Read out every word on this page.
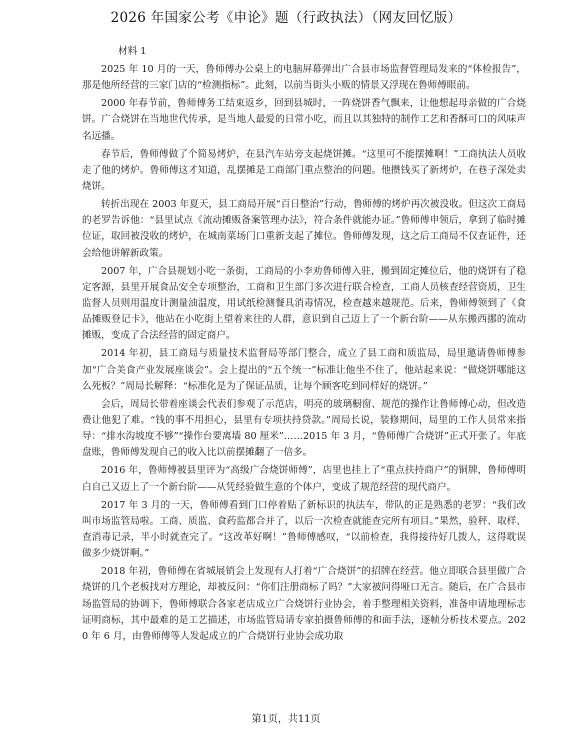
2026 年国家公考《申论》题（行政执法）（网友回忆版）
材料 1

2025 年 10 月的一天，鲁师傅办公桌上的电脑屏幕弹出广合县市场监督管理局发来的“体检报告”，那是他所经营的三家门店的“检测指标”。此刻，以前当街头小贩的情景又浮现在鲁师傅眼前。

2000 年春节前，鲁师傅务工结束返乡，回到县城时，一阵烧饼香气飘来，让他想起母亲做的广合烧饼。广合烧饼在当地世代传承，是当地人最爱的日常小吃，而且以其独特的制作工艺和香酥可口的风味声名远播。

春节后，鲁师傅做了个简易烤炉，在县汽车站旁支起烧饼摊。“这里可不能摆摊啊！”工商执法人员收走了他的烤炉。鲁师傅这才知道，乱摆摊是工商部门重点整治的问题。他攒钱买了新烤炉，在巷子深处卖烧饼。

转折出现在 2003 年夏天，县工商局开展“百日整治”行动，鲁师傅的烤炉再次被没收。但这次工商局的老罗告诉他：“县里试点《流动摊贩备案管理办法》，符合条件就能办证。”鲁师傅申领后，拿到了临时摊位证，取回被没收的烤炉，在城南菜场门口重新支起了摊位。鲁师傅发现，这之后工商局不仅查证件，还会给他讲解新政策。

2007 年，广合县规划小吃一条街，工商局的小李劝鲁师傅入驻，搬到固定摊位后，他的烧饼有了稳定客源，县里开展食品安全专项整治，工商和卫生部门多次进行联合检查，工商人员核查经营资质，卫生监督人员则用温度计测量油温度，用试纸检测餐具消毒情况，检查越来越规范。后来，鲁师傅领到了《食品摊贩登记卡》，他站在小吃街上望着来往的人群，意识到自己迈上了一个新台阶——从东搬西挪的流动摊贩，变成了合法经营的固定商户。

2014 年初，县工商局与质量技术监督局等部门整合，成立了县工商和质监局，局里邀请鲁师傅参加“广合美食产业发展座谈会”。会上提出的“五个统一”标准让他坐不住了，他站起来说：“做烧饼哪能这么死板？”周局长解释：“标准化是为了保证品质，让每个顾客吃到同样好的烧饼。”

会后，周局长带着座谈会代表们参观了示范店，明亮的玻璃橱窗、规范的操作让鲁师傅心动，但改造费让他犯了难。“钱的事不用担心，县里有专项扶持贷款。”周局长说，装修期间，局里的工作人员常来指导：“排水沟坡度不够”“操作台要离墙 80 厘米”……2015 年 3 月，“鲁师傅广合烧饼”正式开张了。年底盘账，鲁师傅发现自己的收入比以前摆摊翻了一倍多。

2016 年，鲁师傅被县里评为“高级广合烧饼师傅”，店里也挂上了“重点扶持商户”的铜牌，鲁师傅明白自己又迈上了一个新台阶——从凭经验做生意的个体户，变成了规范经营的现代商户。

2017 年 3 月的一天，鲁师傅看到门口停着贴了新标识的执法车，带队的正是熟悉的老罗：“我们改叫市场监管局啦。工商、质监、食药监都合并了，以后一次检查就能查完所有项目。”果然，验秤、取样、查消毒记录，半小时就查完了。“这改革好啊！”鲁师傅感叹，“以前检查，我得接待好几拨人，这得耽误做多少烧饼啊。”

2018 年初，鲁师傅在省城展销会上发现有人打着“广合烧饼”的招牌在经营。他立即联合县里做广合烧饼的几个老板找对方理论，却被反问：“你们注册商标了吗？”大家被问得哑口无言。随后，在广合县市场监管局的协调下，鲁师傅联合各家老店成立广合烧饼行业协会，着手整理相关资料，准备申请地理标志证明商标，其中最难的是工艺描述，市场监管局请专家拍摄鲁师傅的和面手法，逐帧分析技术要点。2020 年 6 月，由鲁师傅等人发起成立的广合烧饼行业协会成功取

第1页，共11页
